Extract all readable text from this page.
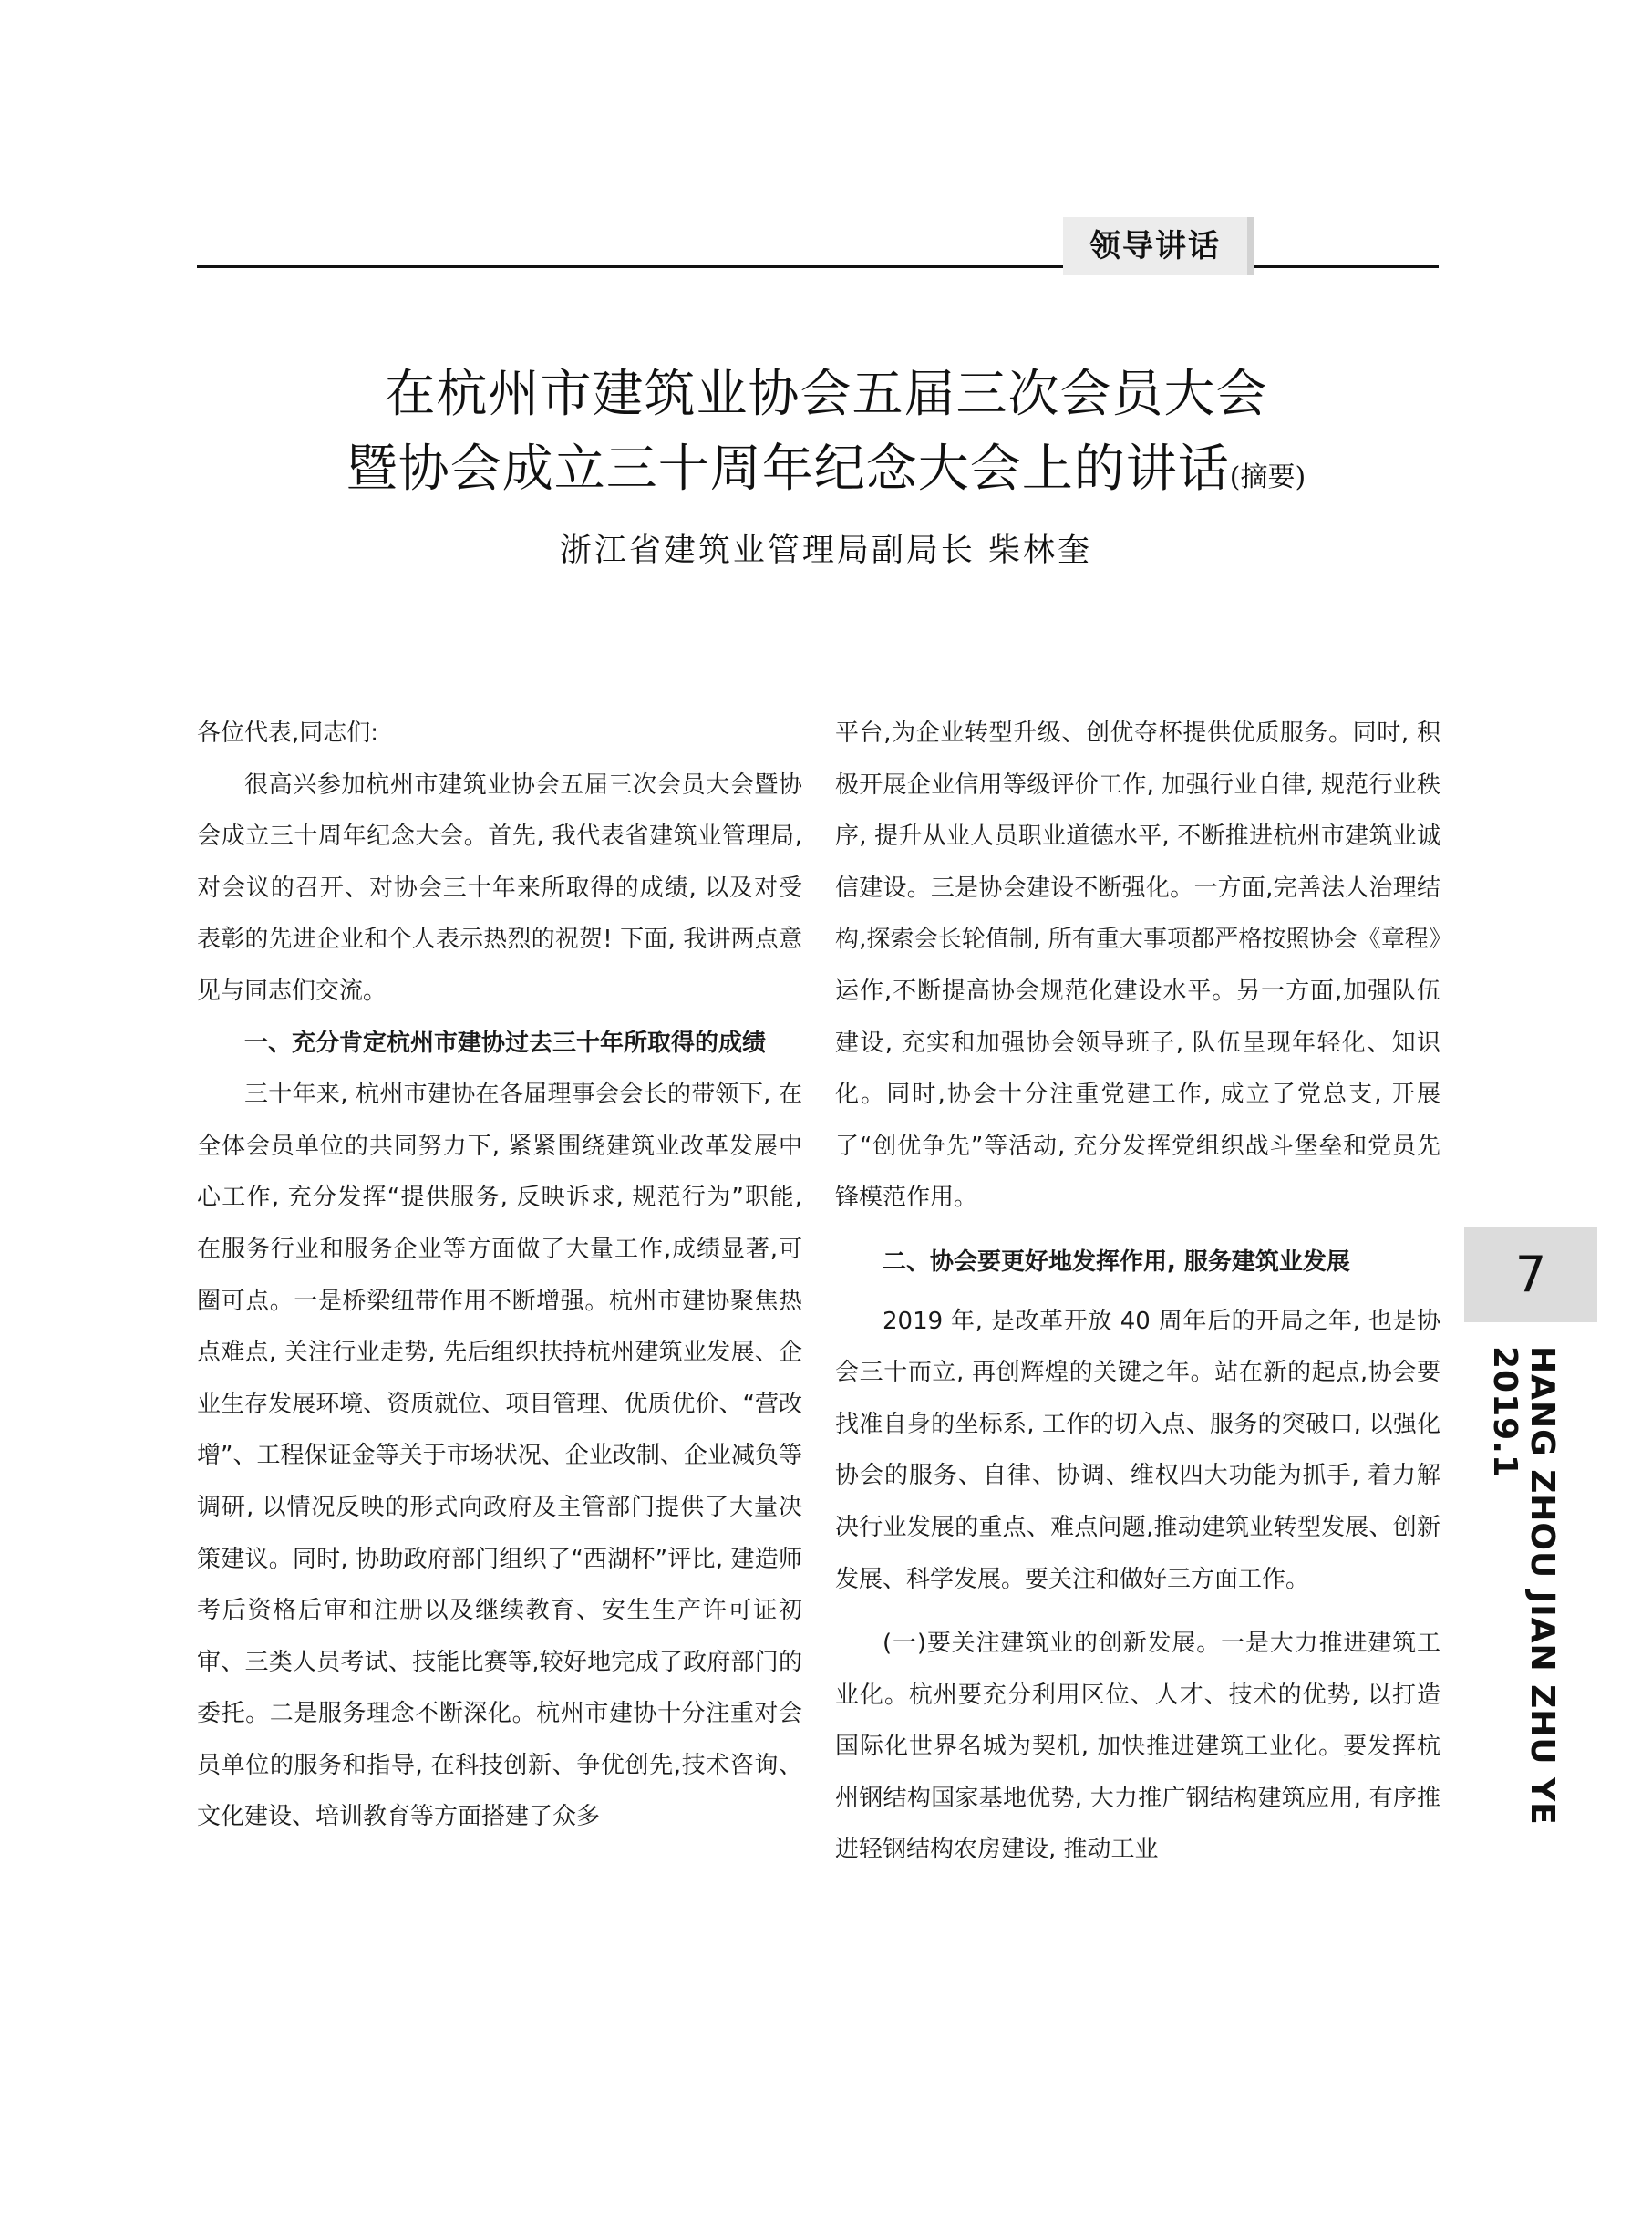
领导讲话
在杭州市建筑业协会五届三次会员大会
暨协会成立三十周年纪念大会上的讲话(摘要)
浙江省建筑业管理局副局长 柴林奎

各位代表,同志们:

很高兴参加杭州市建筑业协会五届三次会员大会暨协会成立三十周年纪念大会。首先, 我代表省建筑业管理局, 对会议的召开、对协会三十年来所取得的成绩, 以及对受表彰的先进企业和个人表示热烈的祝贺! 下面, 我讲两点意见与同志们交流。

一、充分肯定杭州市建协过去三十年所取得的成绩

三十年来, 杭州市建协在各届理事会会长的带领下, 在全体会员单位的共同努力下, 紧紧围绕建筑业改革发展中心工作, 充分发挥“提供服务, 反映诉求, 规范行为”职能, 在服务行业和服务企业等方面做了大量工作,成绩显著,可圈可点。一是桥梁纽带作用不断增强。杭州市建协聚焦热点难点, 关注行业走势, 先后组织扶持杭州建筑业发展、企业生存发展环境、资质就位、项目管理、优质优价、“营改增”、工程保证金等关于市场状况、企业改制、企业减负等调研, 以情况反映的形式向政府及主管部门提供了大量决策建议。同时, 协助政府部门组织了“西湖杯”评比, 建造师考后资格后审和注册以及继续教育、安生生产许可证初审、三类人员考试、技能比赛等,较好地完成了政府部门的委托。二是服务理念不断深化。杭州市建协十分注重对会员单位的服务和指导, 在科技创新、争优创先,技术咨询、文化建设、培训教育等方面搭建了众多

平台,为企业转型升级、创优夺杯提供优质服务。同时, 积极开展企业信用等级评价工作, 加强行业自律, 规范行业秩序, 提升从业人员职业道德水平, 不断推进杭州市建筑业诚信建设。三是协会建设不断强化。一方面,完善法人治理结构,探索会长轮值制, 所有重大事项都严格按照协会《章程》运作,不断提高协会规范化建设水平。另一方面,加强队伍建设, 充实和加强协会领导班子, 队伍呈现年轻化、知识化。同时,协会十分注重党建工作, 成立了党总支, 开展了“创优争先”等活动, 充分发挥党组织战斗堡垒和党员先锋模范作用。

二、协会要更好地发挥作用, 服务建筑业发展

2019 年, 是改革开放 40 周年后的开局之年, 也是协会三十而立, 再创辉煌的关键之年。站在新的起点,协会要找准自身的坐标系, 工作的切入点、服务的突破口, 以强化协会的服务、自律、协调、维权四大功能为抓手, 着力解决行业发展的重点、难点问题,推动建筑业转型发展、创新发展、科学发展。要关注和做好三方面工作。

(一)要关注建筑业的创新发展。一是大力推进建筑工业化。杭州要充分利用区位、人才、技术的优势, 以打造国际化世界名城为契机, 加快推进建筑工业化。要发挥杭州钢结构国家基地优势, 大力推广钢结构建筑应用, 有序推进轻钢结构农房建设, 推动工业

7
HANG ZHOU JIAN ZHU YE 2019.1
